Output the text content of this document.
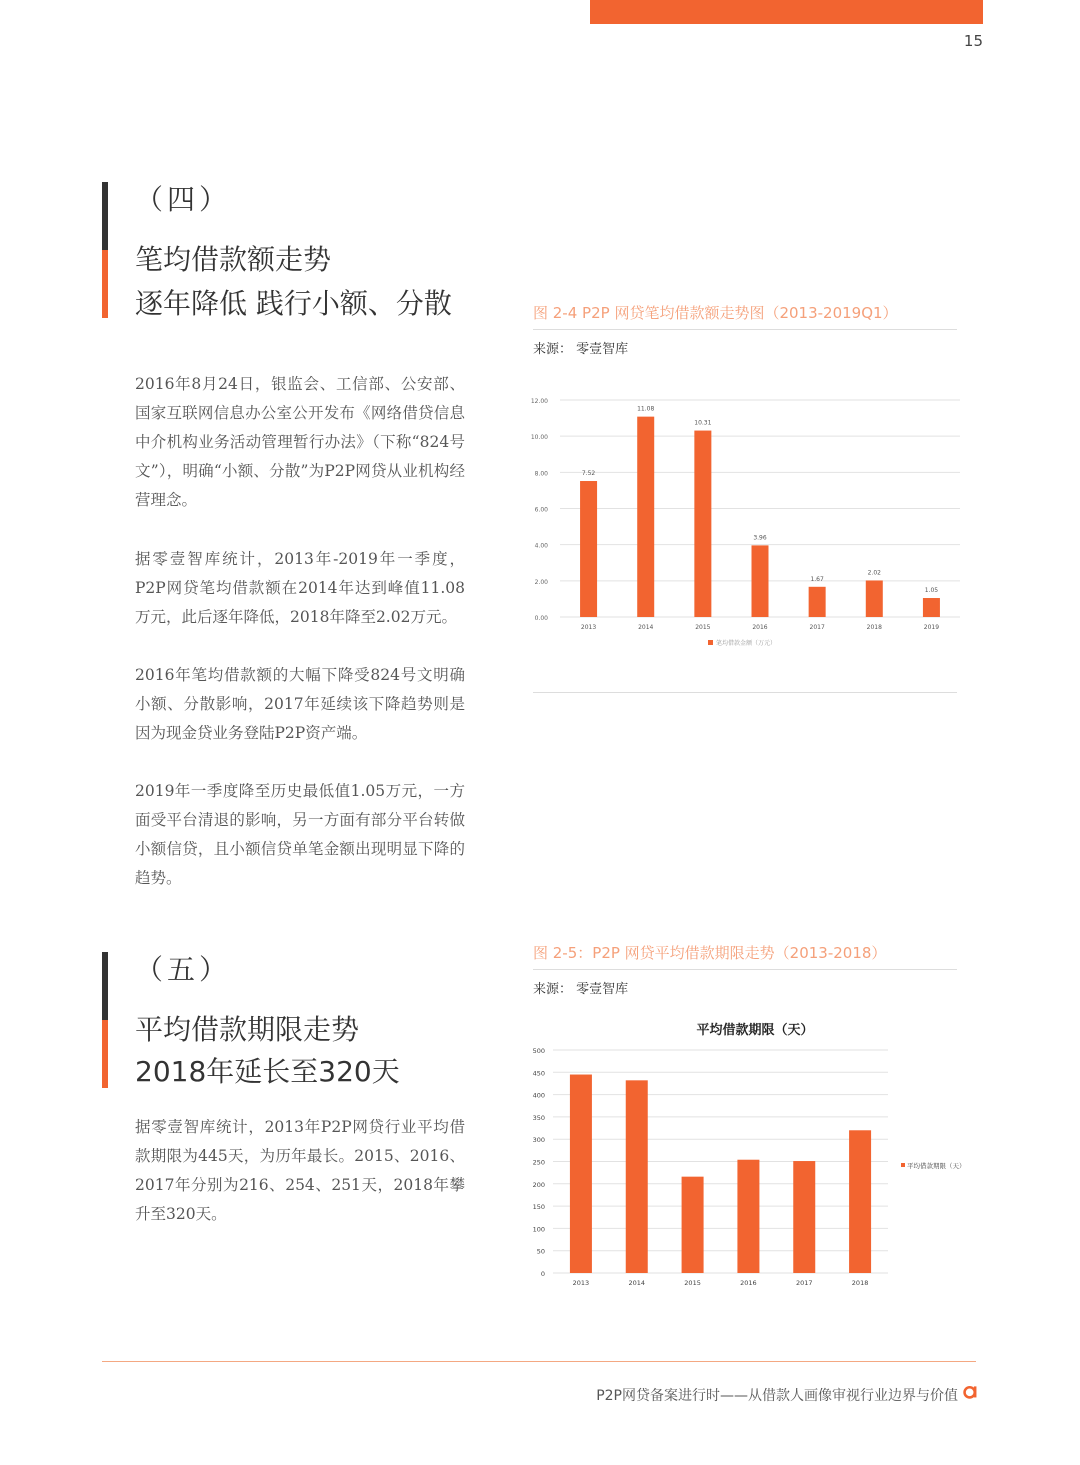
15
（四）
笔均借款额走势
逐年降低 践行小额、分散
2016年8月24日，银监会、工信部、公安部、国家互联网信息办公室公开发布《网络借贷信息中介机构业务活动管理暂行办法》（下称“824号文”），明确“小额、分散”为P2P网贷从业机构经营理念。
据零壹智库统计，2013年-2019年一季度，P2P网贷笔均借款额在2014年达到峰值11.08万元，此后逐年降低，2018年降至2.02万元。
2016年笔均借款额的大幅下降受824号文明确小额、分散影响，2017年延续该下降趋势则是因为现金贷业务登陆P2P资产端。
2019年一季度降至历史最低值1.05万元，一方面受平台清退的影响，另一方面有部分平台转做小额信贷，且小额信贷单笔金额出现明显下降的趋势。
（五）
平均借款期限走势
2018年延长至320天
据零壹智库统计，2013年P2P网贷行业平均借款期限为445天，为历年最长。2015、2016、2017年分别为216、254、251天，2018年攀升至320天。
图 2-4 P2P 网贷笔均借款额走势图（2013-2019Q1）
来源： 零壹智库
0.00
2.00
4.00
6.00
8.00
10.00
12.00
7.52
2013
11.08
2014
10.31
2015
3.96
2016
1.67
2017
2.02
2018
1.05
2019
笔均借款金额（万元）
图 2-5：P2P 网贷平均借款期限走势（2013-2018）
来源： 零壹智库
平均借款期限（天）
0
50
100
150
200
250
300
350
400
450
500
2013	2014	2015	2016	2017	2018
平均借款期限（天）
P2P网贷备案进行时——从借款人画像审视行业边界与价值
